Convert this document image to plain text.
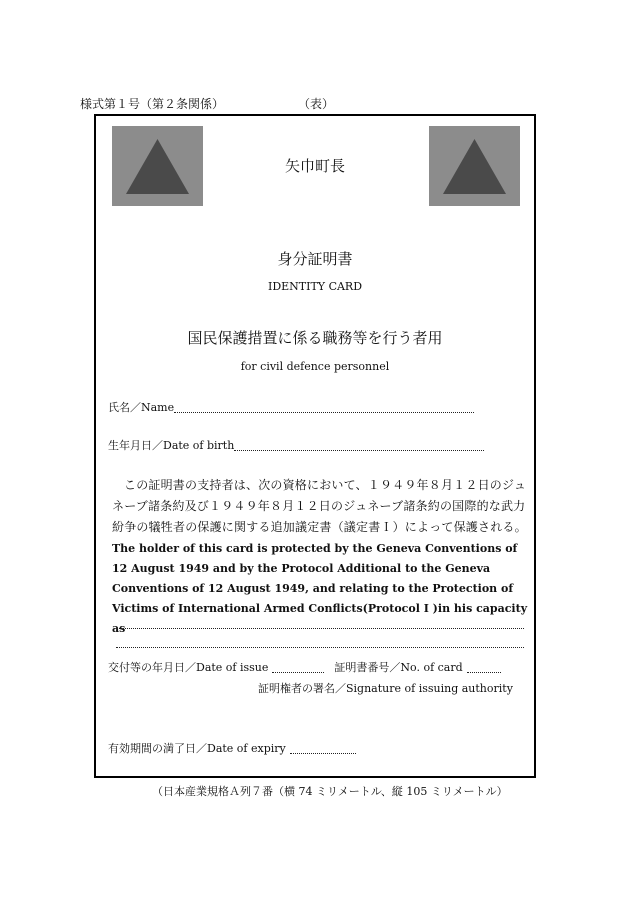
様式第１号（第２条関係）	（表）
矢巾町長
身分証明書
IDENTITY CARD
国民保護措置に係る職務等を行う者用
for civil defence personnel
氏名／Name
生年月日／Date of birth
この証明書の支持者は、次の資格において、１９４９年８月１２日のジュネーブ諸条約及び１９４９年８月１２日のジュネーブ諸条約の国際的な武力紛争の犠牲者の保護に関する追加議定書（議定書Ｉ）によって保護される。
The holder of this card is protected by the Geneva Conventions of 12 August 1949 and by the Protocol Additional to the Geneva Conventions of 12 August 1949, and relating to the Protection of Victims of International Armed Conflicts(Protocol I )in his capacity as
交付等の年月日／Date of issue	証明書番号／No. of card
証明権者の署名／Signature of issuing authority
有効期間の満了日／Date of expiry
（日本産業規格Ａ列７番（横 74 ミリメートル、縦 105 ミリメートル）
